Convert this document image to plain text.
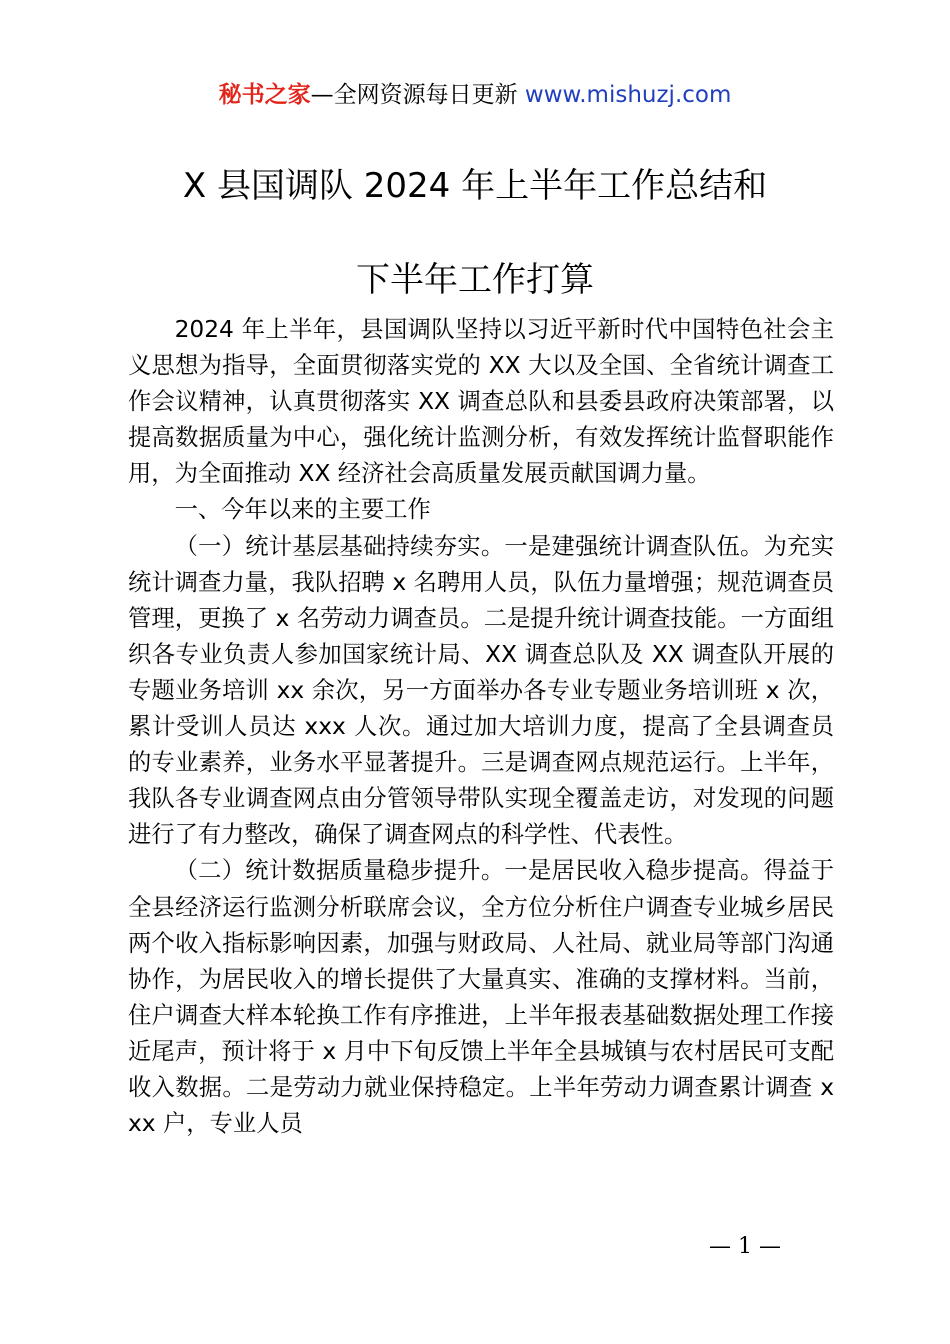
秘书之家—全网资源每日更新 www.mishuzj.com
X 县国调队 2024 年上半年工作总结和
下半年工作打算

2024 年上半年，县国调队坚持以习近平新时代中国特色社会主义思想为指导，全面贯彻落实党的 XX 大以及全国、全省统计调查工作会议精神，认真贯彻落实 XX 调查总队和县委县政府决策部署，以提高数据质量为中心，强化统计监测分析，有效发挥统计监督职能作用，为全面推动 XX 经济社会高质量发展贡献国调力量。

一、今年以来的主要工作

（一）统计基层基础持续夯实。一是建强统计调查队伍。为充实统计调查力量，我队招聘 x 名聘用人员，队伍力量增强；规范调查员管理，更换了 x 名劳动力调查员。二是提升统计调查技能。一方面组织各专业负责人参加国家统计局、XX 调查总队及 XX 调查队开展的专题业务培训 xx 余次，另一方面举办各专业专题业务培训班 x 次，累计受训人员达 xxx 人次。通过加大培训力度，提高了全县调查员的专业素养，业务水平显著提升。三是调查网点规范运行。上半年，我队各专业调查网点由分管领导带队实现全覆盖走访，对发现的问题进行了有力整改，确保了调查网点的科学性、代表性。

（二）统计数据质量稳步提升。一是居民收入稳步提高。得益于全县经济运行监测分析联席会议，全方位分析住户调查专业城乡居民两个收入指标影响因素，加强与财政局、人社局、就业局等部门沟通协作，为居民收入的增长提供了大量真实、准确的支撑材料。当前，住户调查大样本轮换工作有序推进，上半年报表基础数据处理工作接近尾声，预计将于 x 月中下旬反馈上半年全县城镇与农村居民可支配收入数据。二是劳动力就业保持稳定。上半年劳动力调查累计调查 xxx 户，专业人员

— 1 —
